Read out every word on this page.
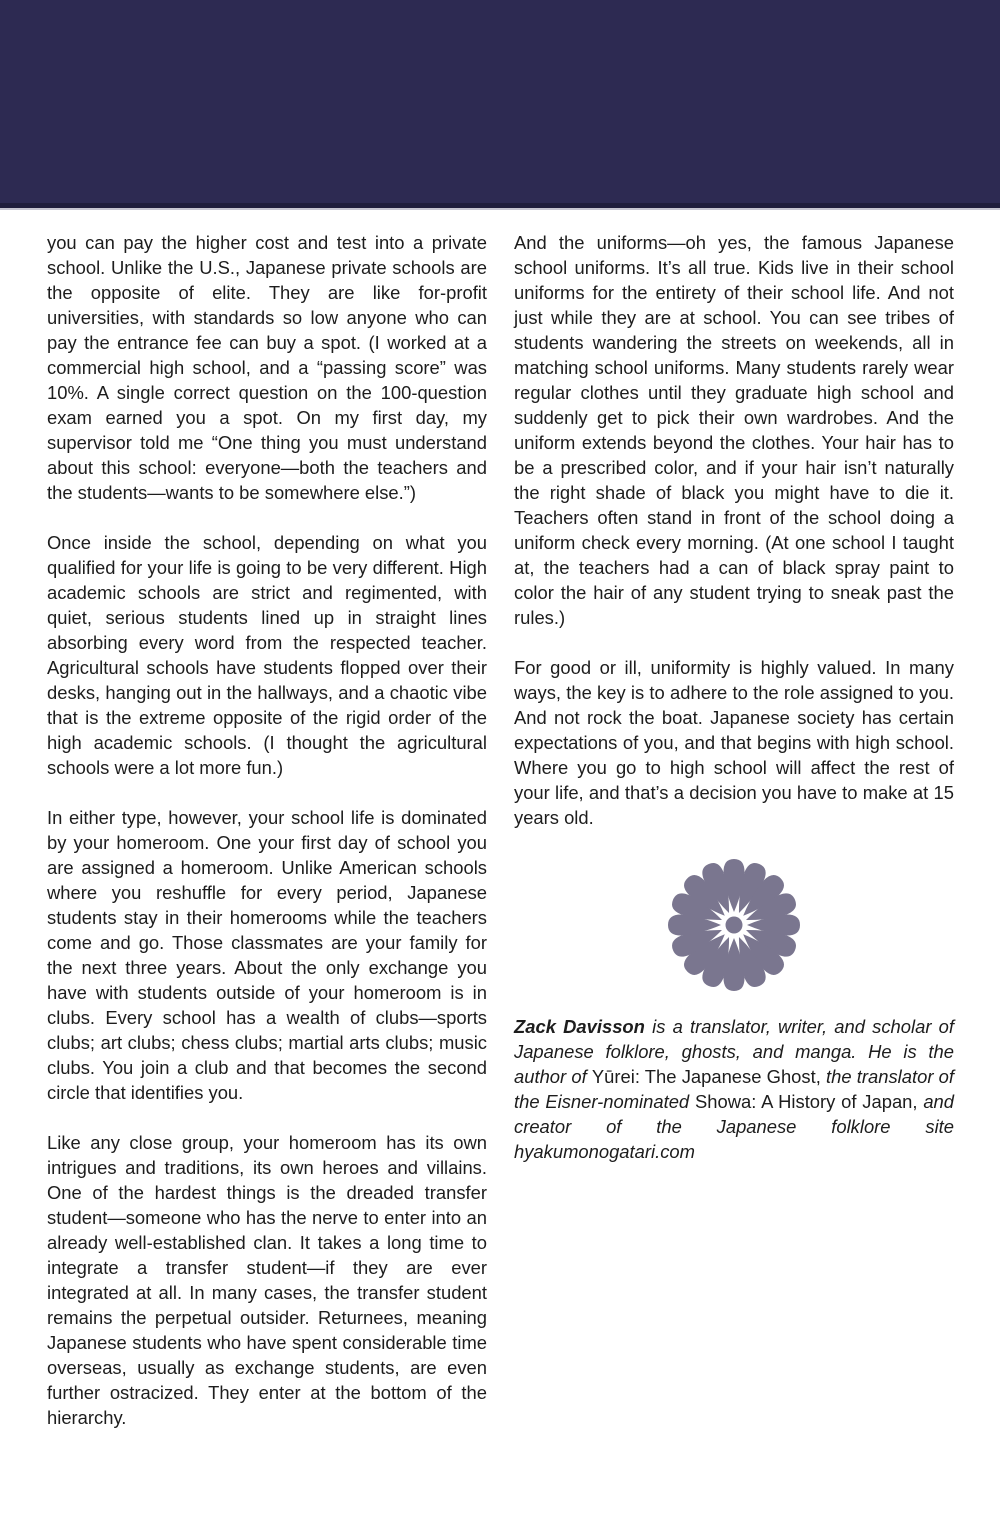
you can pay the higher cost and test into a private school. Unlike the U.S., Japanese private schools are the opposite of elite. They are like for-profit universities, with standards so low anyone who can pay the entrance fee can buy a spot. (I worked at a commercial high school, and a “passing score” was 10%. A single correct question on the 100-question exam earned you a spot. On my first day, my supervisor told me “One thing you must understand about this school: everyone—both the teachers and the students—wants to be somewhere else.”)

Once inside the school, depending on what you qualified for your life is going to be very different. High academic schools are strict and regimented, with quiet, serious students lined up in straight lines absorbing every word from the respected teacher. Agricultural schools have students flopped over their desks, hanging out in the hallways, and a chaotic vibe that is the extreme opposite of the rigid order of the high academic schools. (I thought the agricultural schools were a lot more fun.)

In either type, however, your school life is dominated by your homeroom. One your first day of school you are assigned a homeroom. Unlike American schools where you reshuffle for every period, Japanese students stay in their homerooms while the teachers come and go. Those classmates are your family for the next three years. About the only exchange you have with students outside of your homeroom is in clubs. Every school has a wealth of clubs—sports clubs; art clubs; chess clubs; martial arts clubs; music clubs. You join a club and that becomes the second circle that identifies you.

Like any close group, your homeroom has its own intrigues and traditions, its own heroes and villains. One of the hardest things is the dreaded transfer student—someone who has the nerve to enter into an already well-established clan. It takes a long time to integrate a transfer student—if they are ever integrated at all. In many cases, the transfer student remains the perpetual outsider. Returnees, meaning Japanese students who have spent considerable time overseas, usually as exchange students, are even further ostracized. They enter at the bottom of the hierarchy.

And the uniforms—oh yes, the famous Japanese school uniforms. It’s all true. Kids live in their school uniforms for the entirety of their school life. And not just while they are at school. You can see tribes of students wandering the streets on weekends, all in matching school uniforms. Many students rarely wear regular clothes until they graduate high school and suddenly get to pick their own wardrobes. And the uniform extends beyond the clothes. Your hair has to be a prescribed color, and if your hair isn’t naturally the right shade of black you might have to die it. Teachers often stand in front of the school doing a uniform check every morning. (At one school I taught at, the teachers had a can of black spray paint to color the hair of any student trying to sneak past the rules.)

For good or ill, uniformity is highly valued. In many ways, the key is to adhere to the role assigned to you. And not rock the boat. Japanese society has certain expectations of you, and that begins with high school. Where you go to high school will affect the rest of your life, and that’s a decision you have to make at 15 years old.

Zack Davisson is a translator, writer, and scholar of Japanese folklore, ghosts, and manga. He is the author of Yūrei: The Japanese Ghost, the translator of the Eisner-nominated Showa: A History of Japan, and creator of the Japanese folklore site hyakumonogatari.com
